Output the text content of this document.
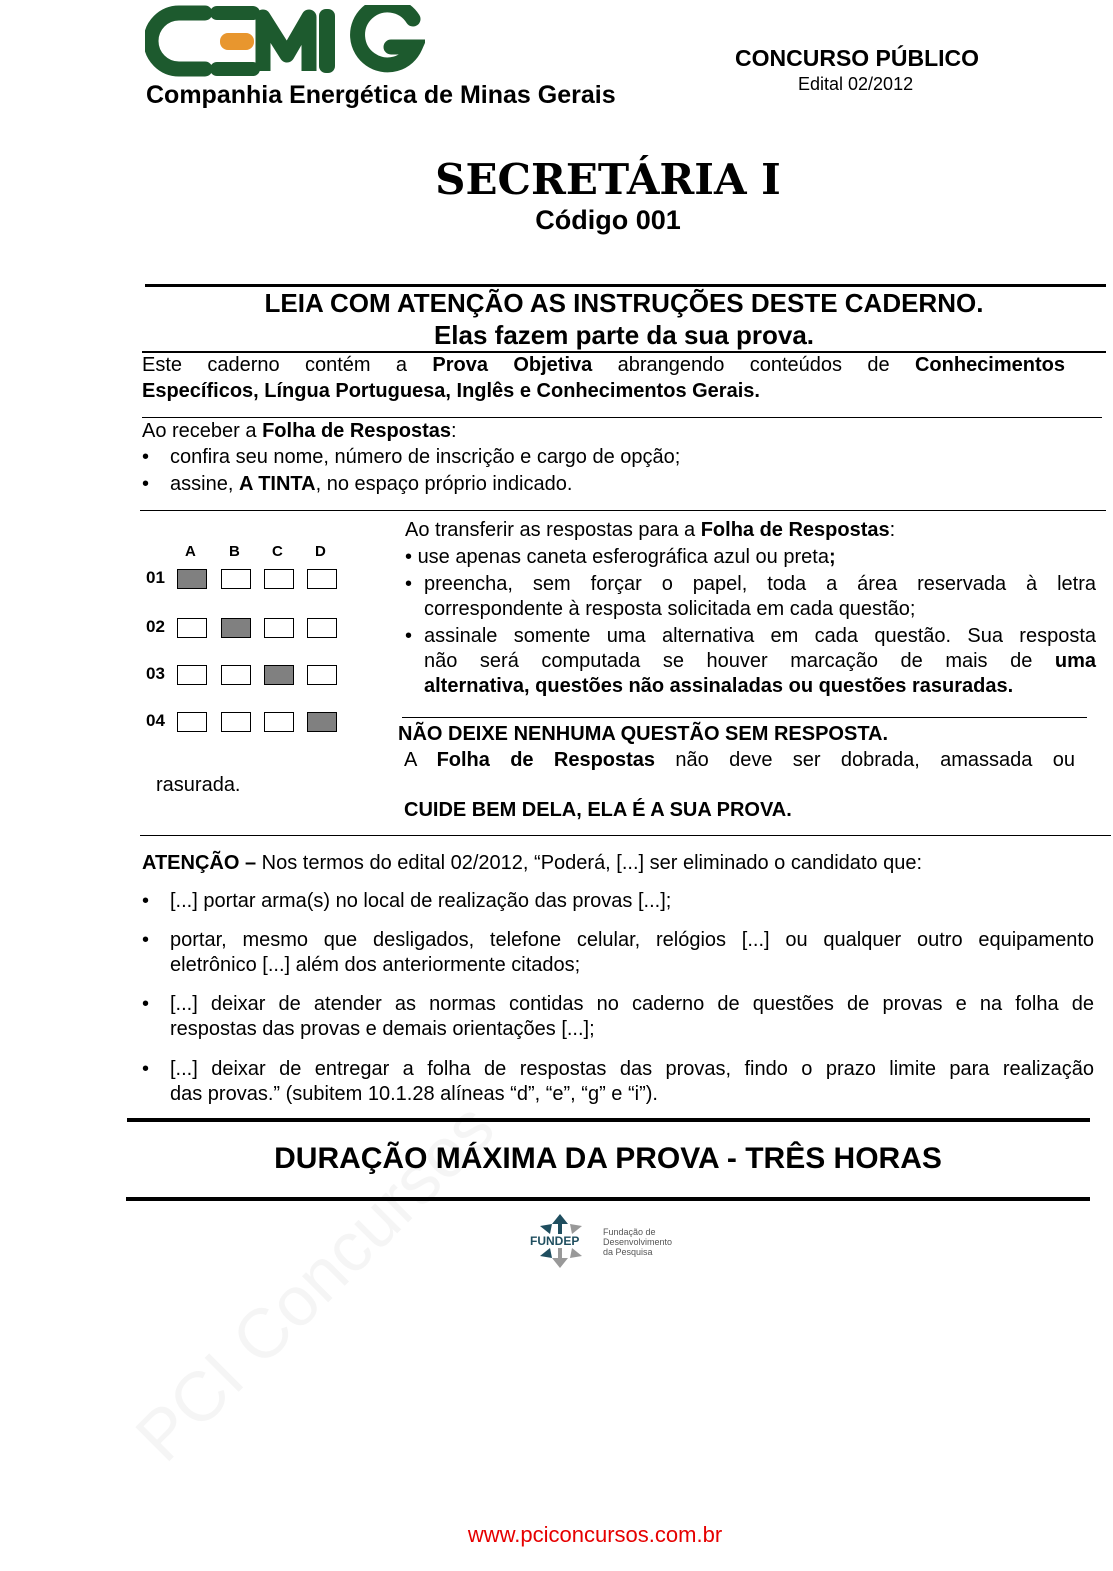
Companhia Energética de Minas Gerais
CONCURSO PÚBLICO
Edital 02/2012
SECRETÁRIA I
Código 001
LEIA COM ATENÇÃO AS INSTRUÇÕES DESTE CADERNO.
Elas fazem parte da sua prova.
Este caderno contém a Prova Objetiva abrangendo conteúdos de Conhecimentos
Específicos, Língua Portuguesa, Inglês e Conhecimentos Gerais.
Ao receber a Folha de Respostas:
• confira seu nome, número de inscrição e cargo de opção;
• assine, A TINTA, no espaço próprio indicado.
A B C D
01
02
03
04
rasurada.
Ao transferir as respostas para a Folha de Respostas:
• use apenas caneta esferográfica azul ou preta;
• preencha, sem forçar o papel, toda a área reservada à letra
correspondente à resposta solicitada em cada questão;
• assinale somente uma alternativa em cada questão. Sua resposta
não será computada se houver marcação de mais de uma
alternativa, questões não assinaladas ou questões rasuradas.
NÃO DEIXE NENHUMA QUESTÃO SEM RESPOSTA.
A Folha de Respostas não deve ser dobrada, amassada ou
CUIDE BEM DELA, ELA É A SUA PROVA.
ATENÇÃO – Nos termos do edital 02/2012, “Poderá, [...] ser eliminado o candidato que:
• [...] portar arma(s) no local de realização das provas [...];
• portar, mesmo que desligados, telefone celular, relógios [...] ou qualquer outro equipamento
eletrônico [...] além dos anteriormente citados;
• [...] deixar de atender as normas contidas no caderno de questões de provas e na folha de
respostas das provas e demais orientações [...];
• [...] deixar de entregar a folha de respostas das provas, findo o prazo limite para realização
das provas.” (subitem 10.1.28 alíneas “d”, “e”, “g” e “i”).
DURAÇÃO MÁXIMA DA PROVA - TRÊS HORAS
FUNDEP
Fundação de
Desenvolvimento
da Pesquisa
www.pciconcursos.com.br
